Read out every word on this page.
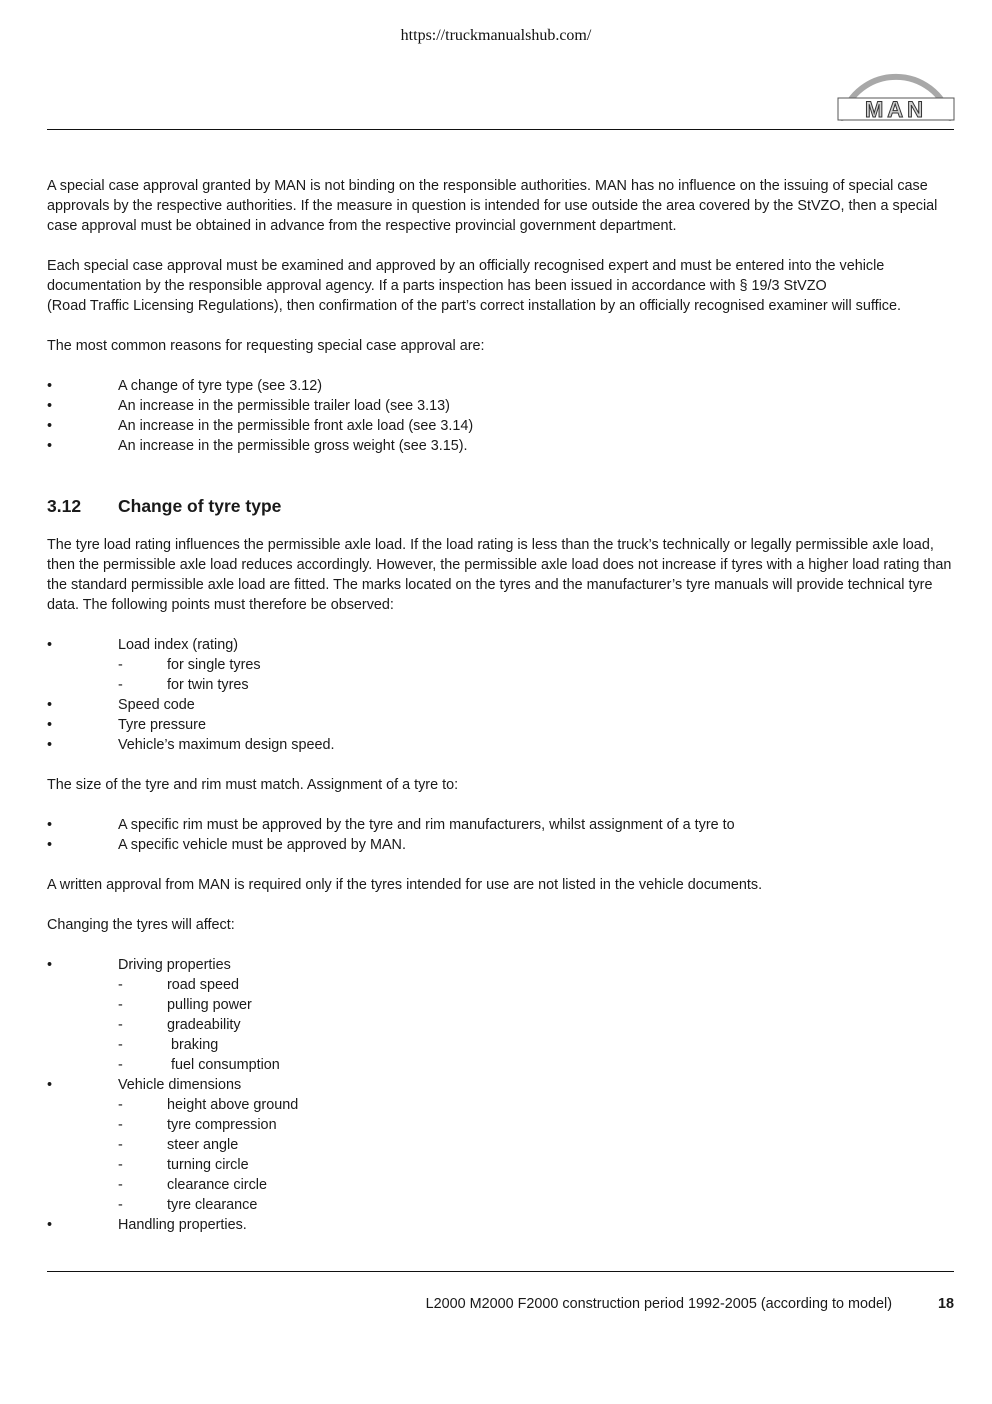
https://truckmanualshub.com/
MAN

A special case approval granted by MAN is not binding on the responsible authorities. MAN has no influence on the issuing of special case approvals by the respective authorities. If the measure in question is intended for use outside the area covered by the StVZO, then a special case approval must be obtained in advance from the respective provincial government department.

Each special case approval must be examined and approved by an officially recognised expert and must be entered into the vehicle documentation by the responsible approval agency. If a parts inspection has been issued in accordance with § 19/3 StVZO
(Road Traffic Licensing Regulations), then confirmation of the part’s correct installation by an officially recognised examiner will suffice.

The most common reasons for requesting special case approval are:

•	A change of tyre type (see 3.12)
•	An increase in the permissible trailer load (see 3.13)
•	An increase in the permissible front axle load (see 3.14)
•	An increase in the permissible gross weight (see 3.15).
3.12	Change of tyre type

The tyre load rating influences the permissible axle load. If the load rating is less than the truck’s technically or legally permissible axle load, then the permissible axle load reduces accordingly. However, the permissible axle load does not increase if tyres with a higher load rating than the standard permissible axle load are fitted. The marks located on the tyres and the manufacturer’s tyre manuals will provide technical tyre data. The following points must therefore be observed:

•	Load index (rating)
-	for single tyres
-	for twin tyres
•	Speed code
•	Tyre pressure
•	Vehicle’s maximum design speed.

The size of the tyre and rim must match. Assignment of a tyre to:

•	A specific rim must be approved by the tyre and rim manufacturers, whilst assignment of a tyre to
•	A specific vehicle must be approved by MAN.

A written approval from MAN is required only if the tyres intended for use are not listed in the vehicle documents.

Changing the tyres will affect:

•	Driving properties
-	road speed
-	pulling power
-	gradeability
-	braking
-	fuel consumption
•	Vehicle dimensions
-	height above ground
-	tyre compression
-	steer angle
-	turning circle
-	clearance circle
-	tyre clearance
•	Handling properties.
L2000 M2000 F2000 construction period 1992-2005 (according to model)	18
